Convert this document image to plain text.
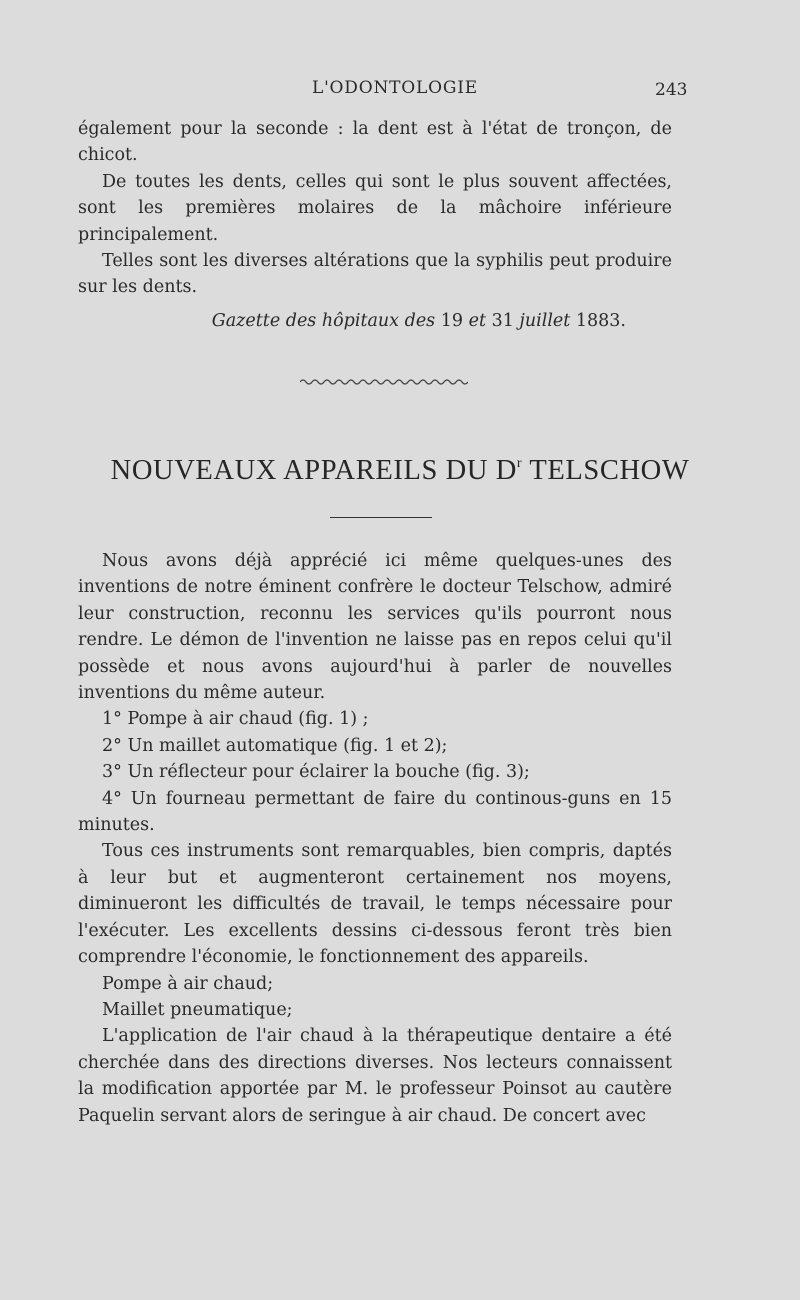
L'ODONTOLOGIE	243

également pour la seconde : la dent est à l'état de tronçon, de chicot.

De toutes les dents, celles qui sont le plus souvent affectées, sont les premières molaires de la mâchoire inférieure principalement.

Telles sont les diverses altérations que la syphilis peut produire sur les dents.

Gazette des hôpitaux des 19 et 31 juillet 1883.
NOUVEAUX APPAREILS DU $D^r$ TELSCHOW

Nous avons déjà apprécié ici même quelques-unes des inventions de notre éminent confrère le docteur Telschow, admiré leur construction, reconnu les services qu'ils pourront nous rendre. Le démon de l'invention ne laisse pas en repos celui qu'il possède et nous avons aujourd'hui à parler de nouvelles inventions du même auteur.

1° Pompe à air chaud (fig. 1) ;

2° Un maillet automatique (fig. 1 et 2);

3° Un réflecteur pour éclairer la bouche (fig. 3);

4° Un fourneau permettant de faire du continous-guns en 15 minutes.

Tous ces instruments sont remarquables, bien compris, daptés à leur but et augmenteront certainement nos moyens, diminueront les difficultés de travail, le temps nécessaire pour l'exécuter. Les excellents dessins ci-dessous feront très bien comprendre l'économie, le fonctionnement des appareils.

Pompe à air chaud;

Maillet pneumatique;

L'application de l'air chaud à la thérapeutique dentaire a été cherchée dans des directions diverses. Nos lecteurs connaissent la modification apportée par M. le professeur Poinsot au cautère Paquelin servant alors de seringue à air chaud. De concert avec
